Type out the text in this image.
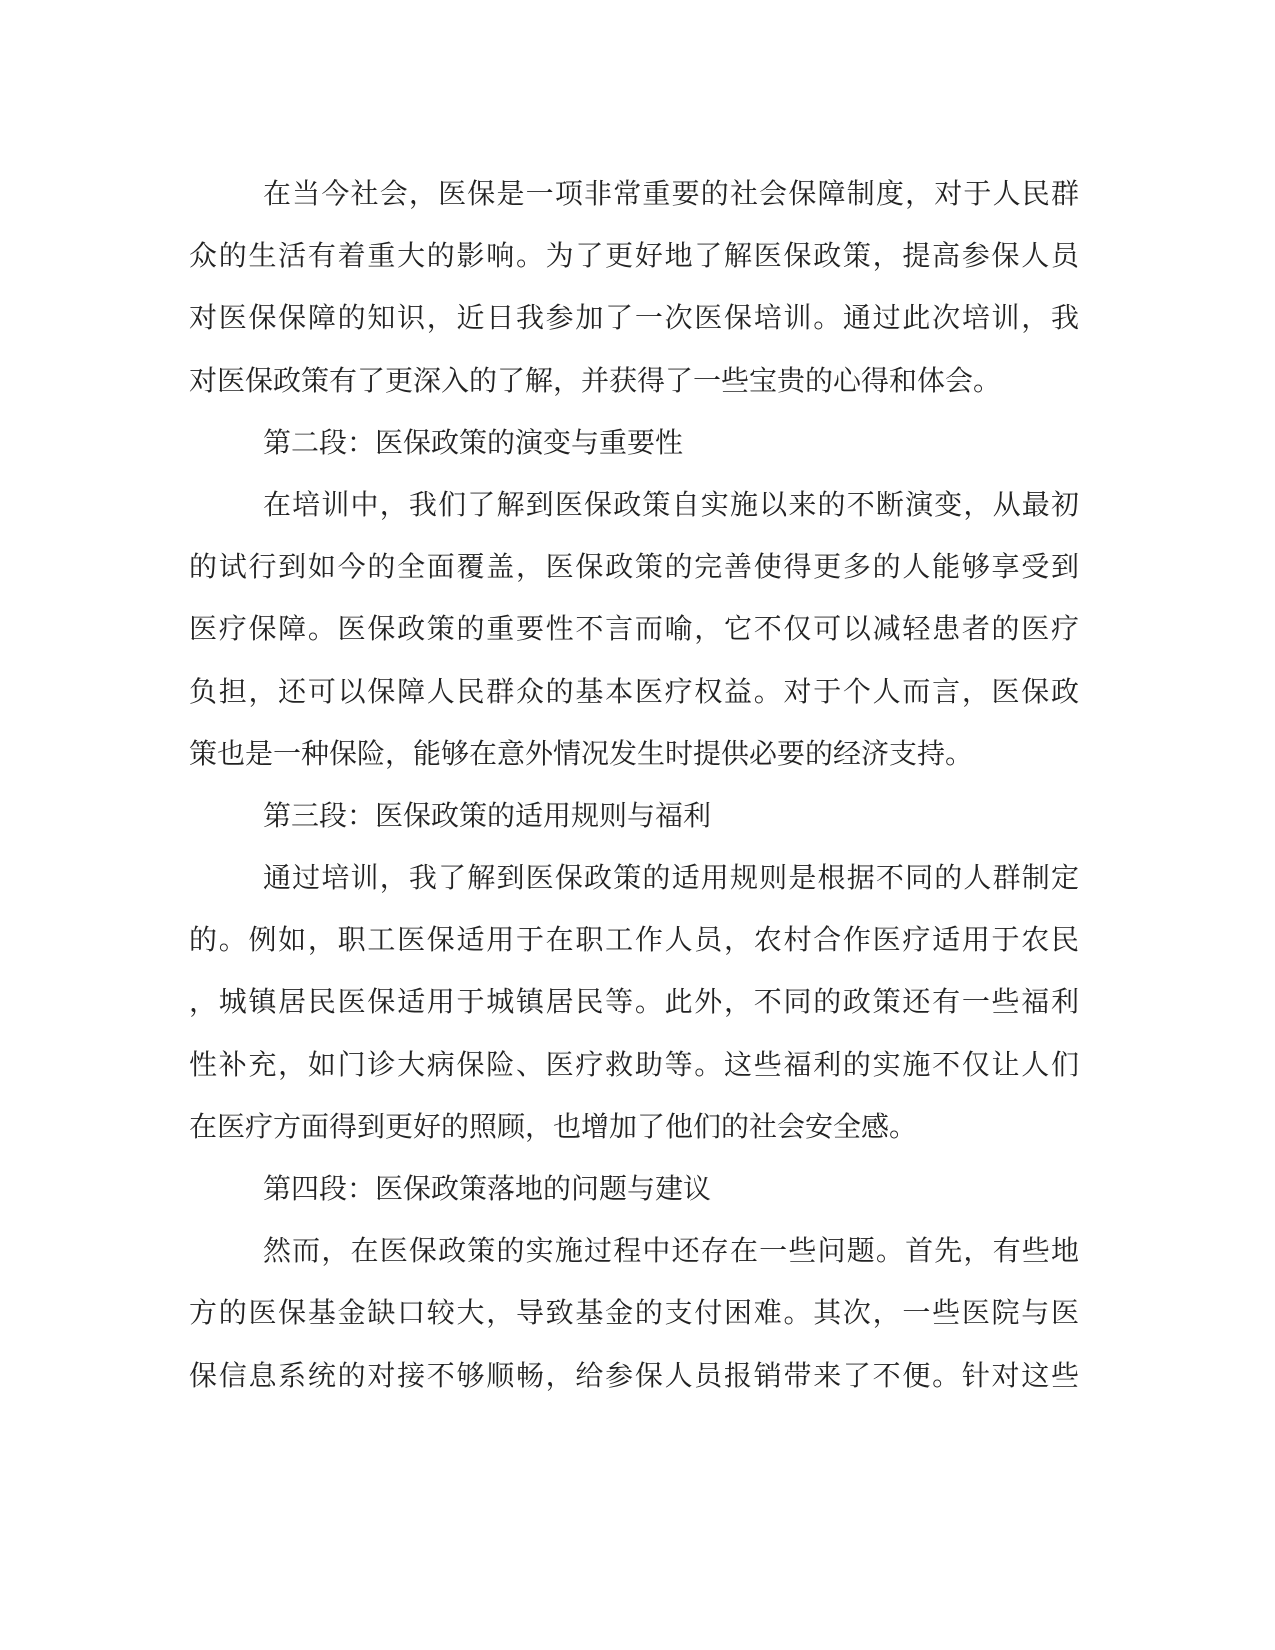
在当今社会，医保是一项非常重要的社会保障制度，对于人民群
众的生活有着重大的影响。为了更好地了解医保政策，提高参保人员
对医保保障的知识，近日我参加了一次医保培训。通过此次培训，我
对医保政策有了更深入的了解，并获得了一些宝贵的心得和体会。
第二段：医保政策的演变与重要性
在培训中，我们了解到医保政策自实施以来的不断演变，从最初
的试行到如今的全面覆盖，医保政策的完善使得更多的人能够享受到
医疗保障。医保政策的重要性不言而喻，它不仅可以减轻患者的医疗
负担，还可以保障人民群众的基本医疗权益。对于个人而言，医保政
策也是一种保险，能够在意外情况发生时提供必要的经济支持。
第三段：医保政策的适用规则与福利
通过培训，我了解到医保政策的适用规则是根据不同的人群制定
的。例如，职工医保适用于在职工作人员，农村合作医疗适用于农民
，城镇居民医保适用于城镇居民等。此外，不同的政策还有一些福利
性补充，如门诊大病保险、医疗救助等。这些福利的实施不仅让人们
在医疗方面得到更好的照顾，也增加了他们的社会安全感。
第四段：医保政策落地的问题与建议
然而，在医保政策的实施过程中还存在一些问题。首先，有些地
方的医保基金缺口较大，导致基金的支付困难。其次，一些医院与医
保信息系统的对接不够顺畅，给参保人员报销带来了不便。针对这些
